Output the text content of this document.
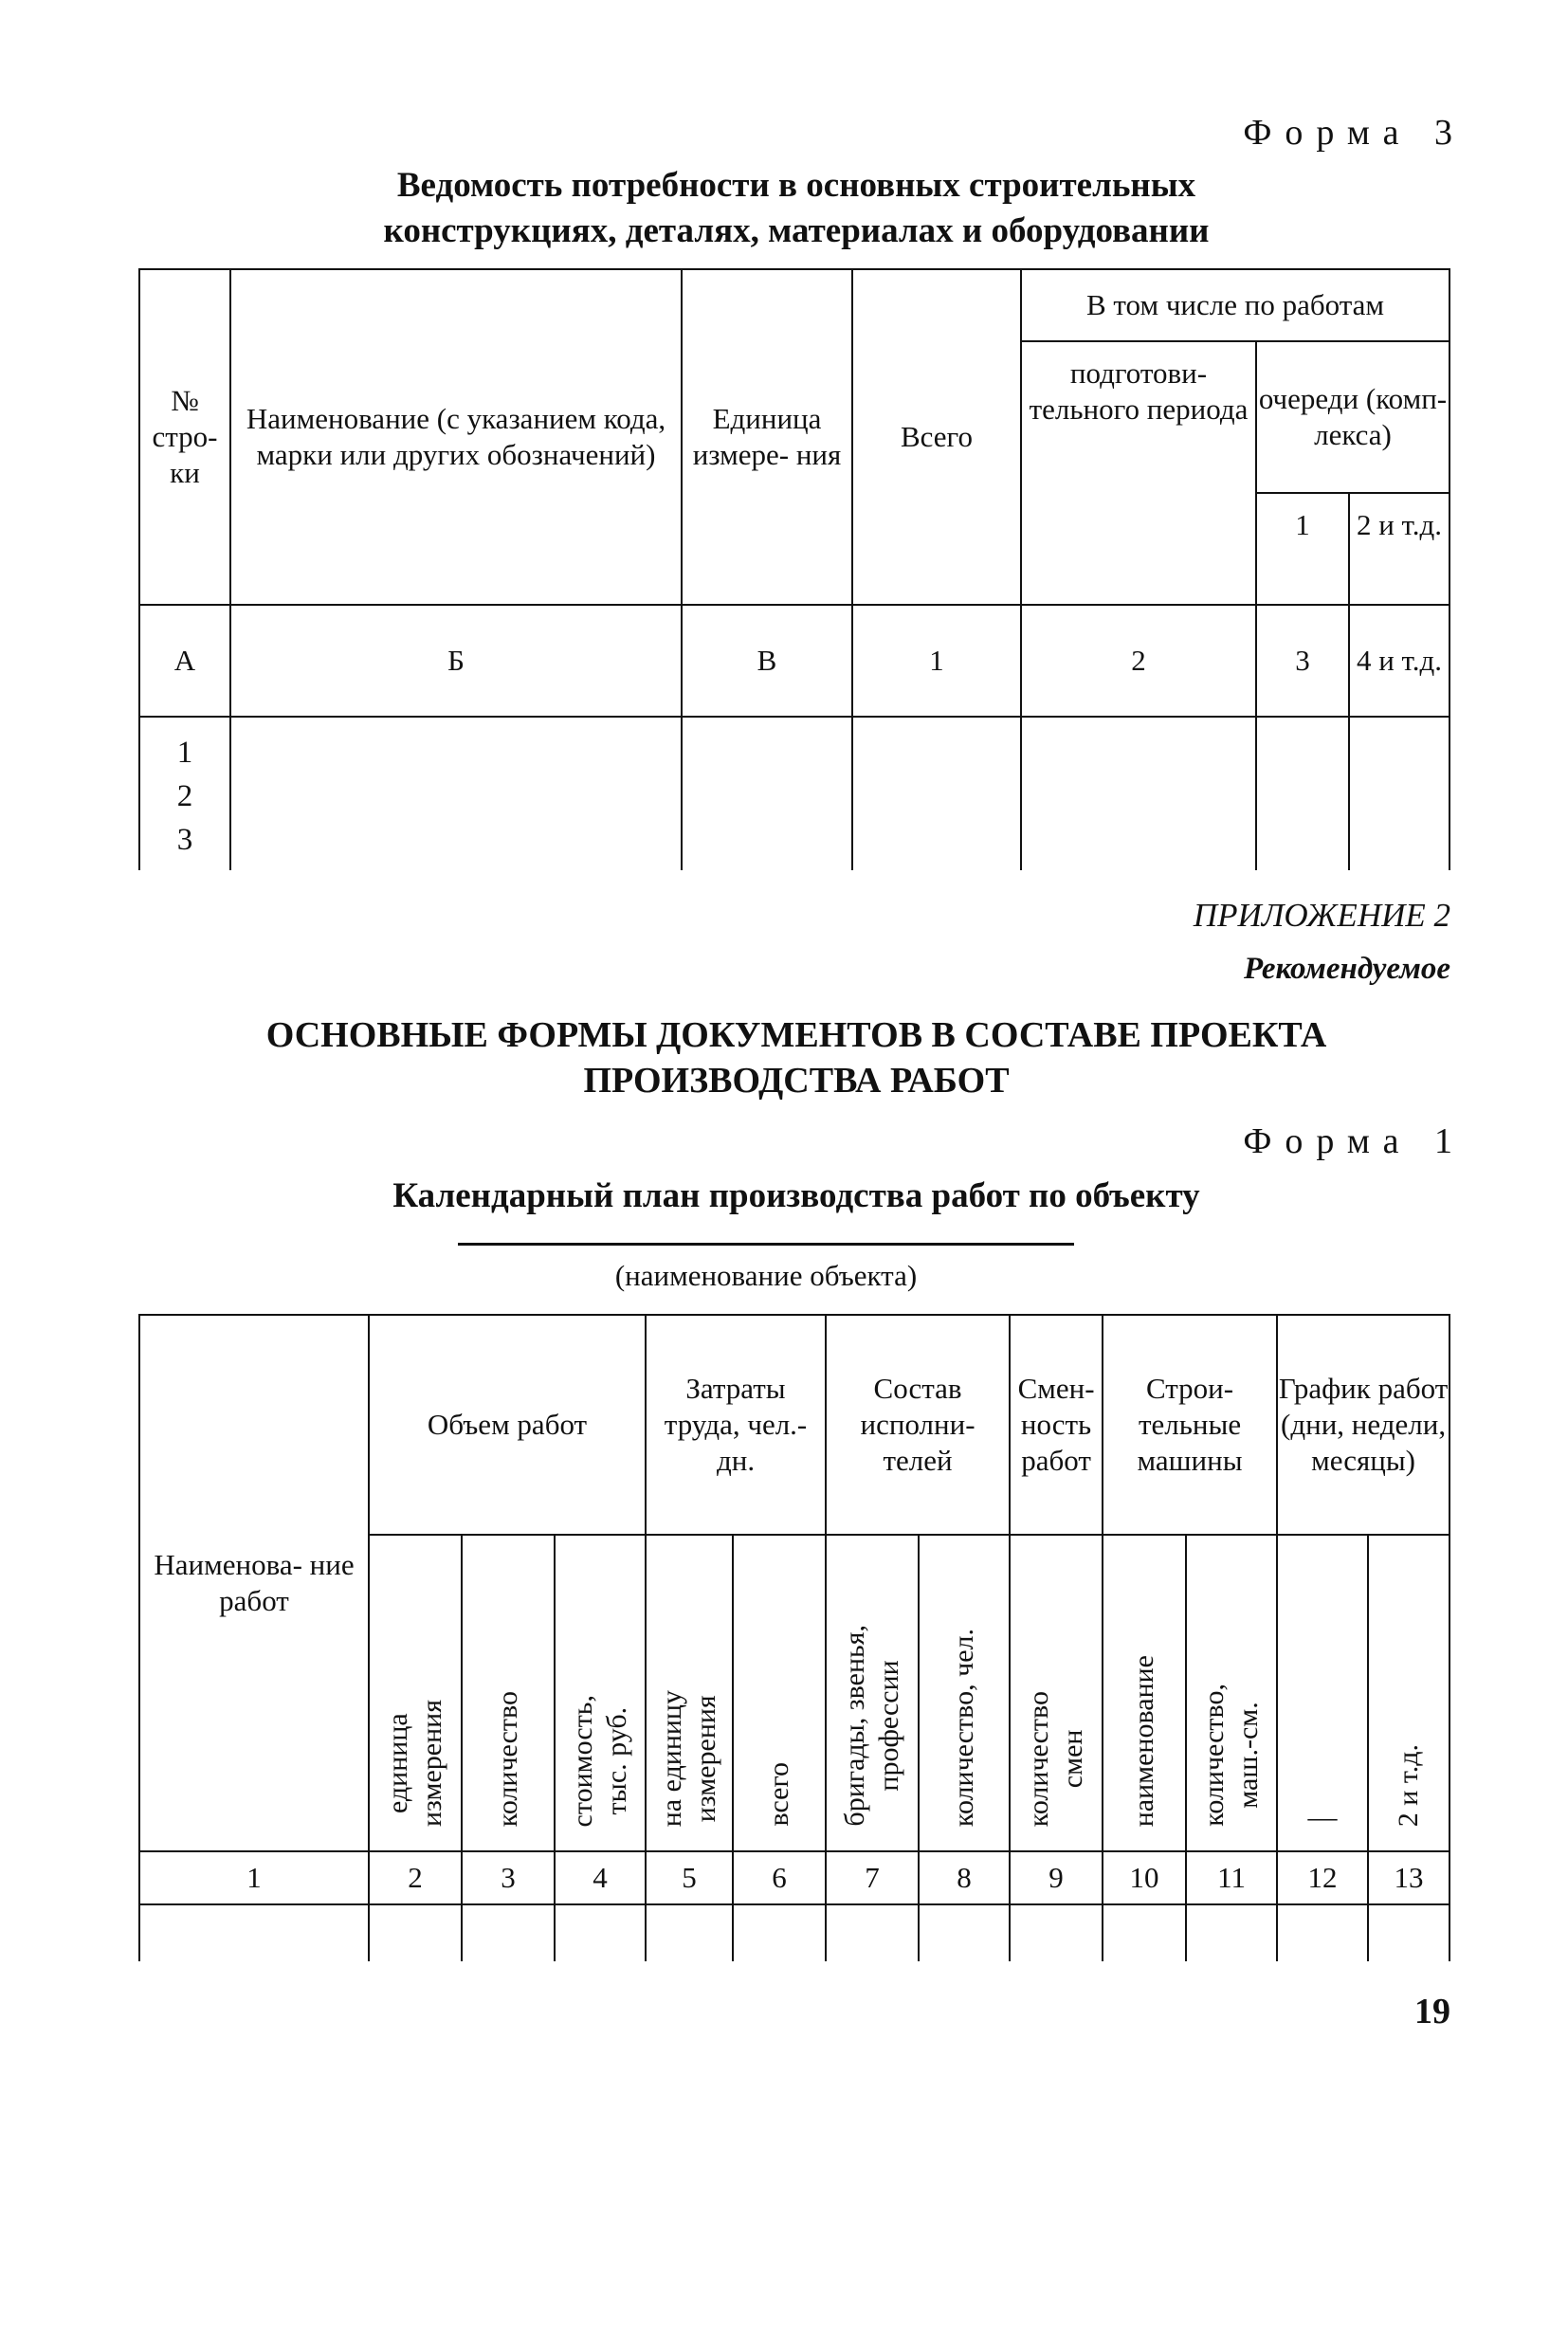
Форма 3
Ведомость потребности в основных строительных
конструкциях, деталях, материалах и оборудовании
№ стро- ки	Наименование (с указанием кода, марки или других обозначений)	Единица измере- ния	Всего	В том числе по работам		
				подготови- тельного периода	очереди (комп- лекса)	
					1	2 и т.д.
А	Б	В	1	2	3	4 и т.д.

1
2
3						

ПРИЛОЖЕНИЕ 2
Рекомендуемое
ОСНОВНЫЕ ФОРМЫ ДОКУМЕНТОВ В СОСТАВЕ ПРОЕКТА
ПРОИЗВОДСТВА РАБОТ
Форма 1
Календарный план производства работ по объекту
(наименование объекта)
Наименова- ние работ	Объем работ			Затраты труда, чел.-дн.		Состав исполни- телей		Смен- ность работ	Строи- тельные машины		График работ (дни, недели, месяцы)	
	единица измерения	количество	стоимость, тыс. руб.	на единицу измерения	всего	бригады, звенья, профессии	количество, чел.	количество смен	наименование	количество, маш.-см.	—	2 и т.д.
1	2	3	4	5	6	7	8	9	10	11	12	13

19
